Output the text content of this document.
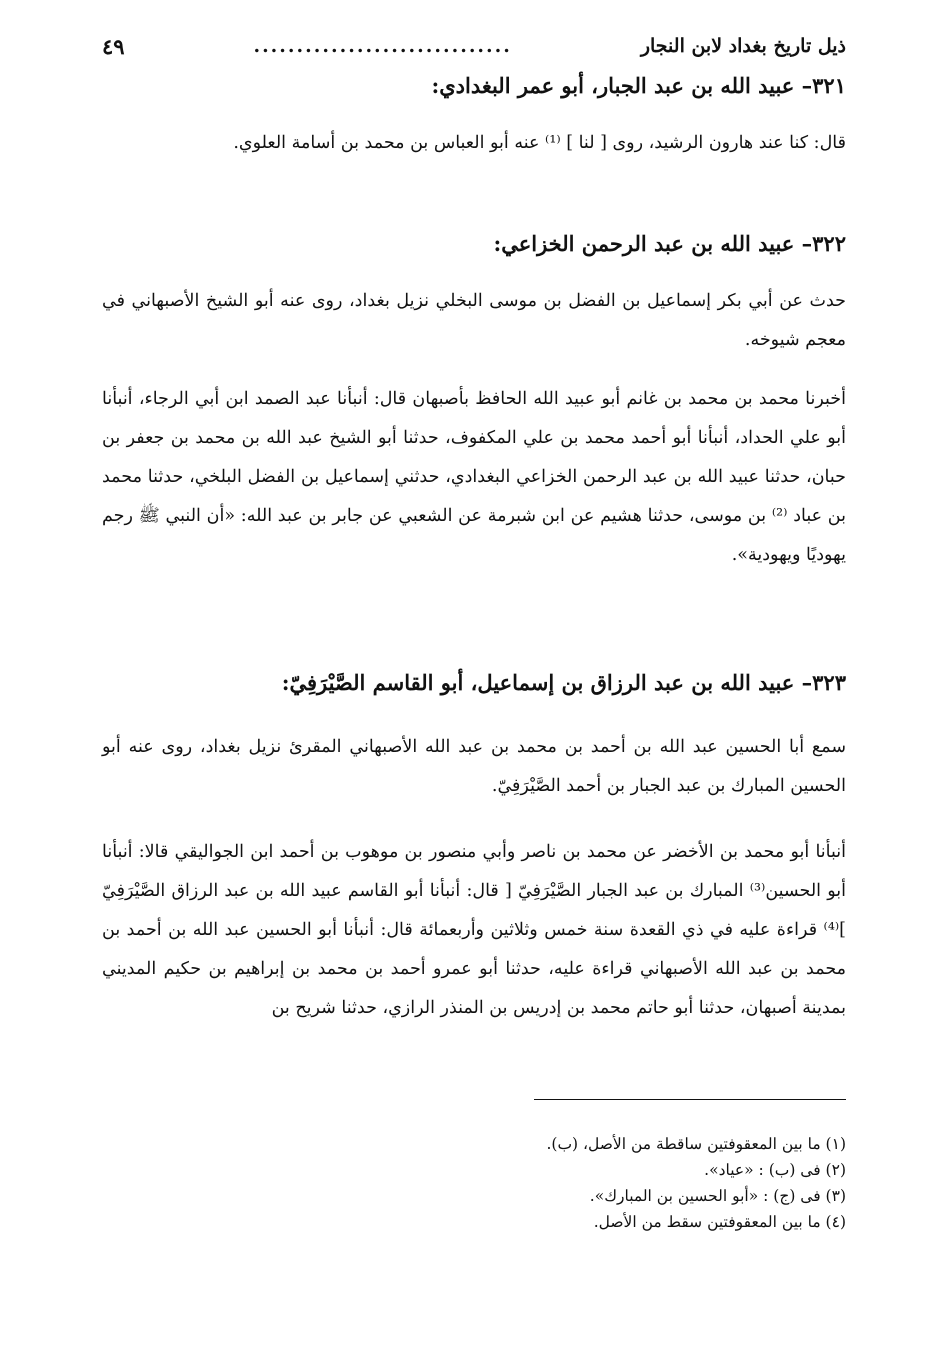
ذيل تاريخ بغداد لابن النجار
..............................
٤٩
٣٢١– عبيد الله بن عبد الجبار، أبو عمر البغدادي:
قال: كنا عند هارون الرشيد، روى [ لنا ] ⁽¹⁾ عنه أبو العباس بن محمد بن أسامة العلوي.
٣٢٢– عبيد الله بن عبد الرحمن الخزاعي:
حدث عن أبي بكر إسماعيل بن الفضل بن موسى البخلي نزيل بغداد، روى عنه أبو الشيخ الأصبهاني في معجم شيوخه.
أخبرنا محمد بن محمد بن غانم أبو عبيد الله الحافظ بأصبهان قال: أنبأنا عبد الصمد ابن أبي الرجاء، أنبأنا أبو علي الحداد، أنبأنا أبو أحمد محمد بن علي المكفوف، حدثنا أبو الشيخ عبد الله بن محمد بن جعفر بن حبان، حدثنا عبيد الله بن عبد الرحمن الخزاعي البغدادي، حدثني إسماعيل بن الفضل البلخي، حدثنا محمد بن عباد ⁽²⁾ بن موسى، حدثنا هشيم عن ابن شبرمة عن الشعبي عن جابر بن عبد الله: «أن النبي ﷺ رجم يهوديًا ويهودية».
٣٢٣– عبيد الله بن عبد الرزاق بن إسماعيل، أبو القاسم الصَّيْرَفِيّ:
سمع أبا الحسين عبد الله بن أحمد بن محمد بن عبد الله الأصبهاني المقرئ نزيل بغداد، روى عنه أبو الحسين المبارك بن عبد الجبار بن أحمد الصَّيْرَفِيّ.
أنبأنا أبو محمد بن الأخضر عن محمد بن ناصر وأبي منصور بن موهوب بن أحمد ابن الجواليقي قالا: أنبأنا أبو الحسين⁽³⁾ المبارك بن عبد الجبار الصَّيْرَفِيّ [ قال: أنبأنا أبو القاسم عبيد الله بن عبد الرزاق الصَّيْرَفِيّ ]⁽⁴⁾ قراءة عليه في ذي القعدة سنة خمس وثلاثين وأربعمائة قال: أنبأنا أبو الحسين عبد الله بن أحمد بن محمد بن عبد الله الأصبهاني قراءة عليه، حدثنا أبو عمرو أحمد بن محمد بن إبراهيم بن حكيم المديني بمدينة أصبهان، حدثنا أبو حاتم محمد بن إدريس بن المنذر الرازي، حدثنا شريح بن
(١) ما بين المعقوفتين ساقطة من الأصل، (ب).
(٢) فى (ب) : «عياد».
(٣) فى (ج) : «أبو الحسين بن المبارك».
(٤) ما بين المعقوفتين سقط من الأصل.
